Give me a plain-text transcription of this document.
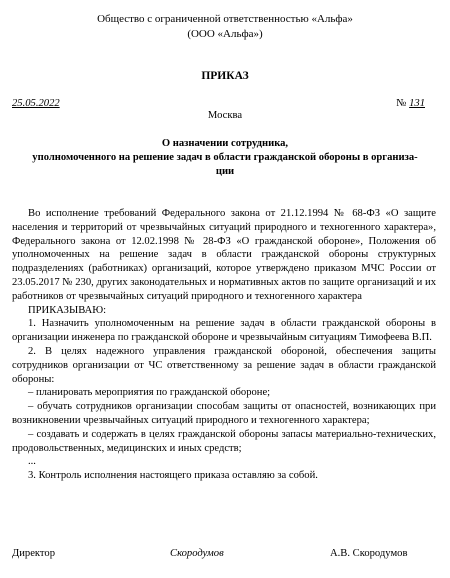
Общество с ограниченной ответственностью «Альфа»
(ООО «Альфа»)
ПРИКАЗ
25.05.2022	№ 131
Москва
О назначении сотрудника,
уполномоченного на решение задач в области гражданской обороны в организа-
ции

Во исполнение требований Федерального закона от 21.12.1994 № 68-ФЗ «О защите населения и территорий от чрезвычайных ситуаций природного и техногенного характера», Федерального закона от 12.02.1998 № 28-ФЗ «О гражданской обороне», Положения об уполномоченных на решение задач в области гражданской обороны структурных подразделениях (работниках) организаций, которое утверждено приказом МЧС России от 23.05.2017 № 230, других законодательных и нормативных актов по защите организаций и их работников от чрезвычайных ситуаций природного и техногенного характера

ПРИКАЗЫВАЮ:

1. Назначить уполномоченным на решение задач в области гражданской обороны в организации инженера по гражданской обороне и чрезвычайным ситуациям Тимофеева В.П.

2. В целях надежного управления гражданской обороной, обеспечения защиты сотрудников организации от ЧС ответственному за решение задач в области гражданской обороны:

– планировать мероприятия по гражданской обороне;

– обучать сотрудников организации способам защиты от опасностей, возникающих при возникновении чрезвычайных ситуаций природного и техногенного характера;

– создавать и содержать в целях гражданской обороны запасы материально-технических, продовольственных, медицинских и иных средств;

...

3. Контроль исполнения настоящего приказа оставляю за собой.

Директор	Скородумов	А.В. Скородумов
